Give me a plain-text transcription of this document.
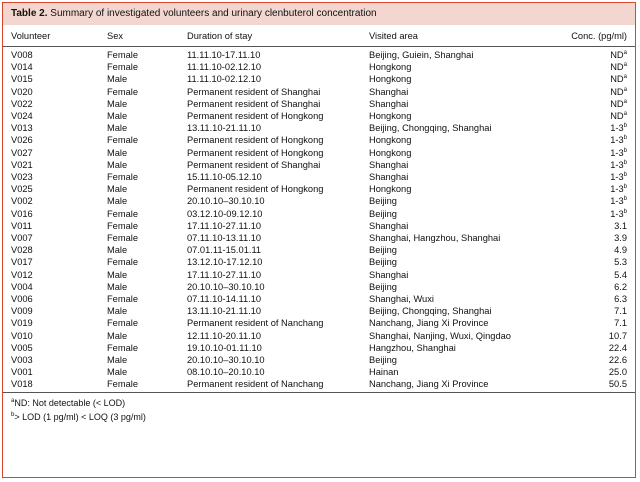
Table 2. Summary of investigated volunteers and urinary clenbuterol concentration
Volunteer	Sex	Duration of stay	Visited area	Conc. (pg/ml)
V008	Female	11.11.10-17.11.10	Beijing, Guiein, Shanghai	$ND^a$
V014	Female	11.11.10-02.12.10	Hongkong	$ND^a$
V015	Male	11.11.10-02.12.10	Hongkong	$ND^a$
V020	Female	Permanent resident of Shanghai	Shanghai	$ND^a$
V022	Male	Permanent resident of Shanghai	Shanghai	$ND^a$
V024	Male	Permanent resident of Hongkong	Hongkong	$ND^a$
V013	Male	13.11.10-21.11.10	Beijing, Chongqing, Shanghai	1-3$^b$
V026	Female	Permanent resident of Hongkong	Hongkong	1-3$^b$
V027	Male	Permanent resident of Hongkong	Hongkong	1-3$^b$
V021	Male	Permanent resident of Shanghai	Shanghai	1-3$^b$
V023	Female	15.11.10-05.12.10	Shanghai	1-3$^b$
V025	Male	Permanent resident of Hongkong	Hongkong	1-3$^b$
V002	Male	20.10.10–30.10.10	Beijing	1-3$^b$
V016	Female	03.12.10-09.12.10	Beijing	1-3$^b$
V011	Female	17.11.10-27.11.10	Shanghai	3.1
V007	Female	07.11.10-13.11.10	Shanghai, Hangzhou, Shanghai	3.9
V028	Male	07.01.11-15.01.11	Beijing	4.9
V017	Female	13.12.10-17.12.10	Beijing	5.3
V012	Male	17.11.10-27.11.10	Shanghai	5.4
V004	Male	20.10.10–30.10.10	Beijing	6.2
V006	Female	07.11.10-14.11.10	Shanghai, Wuxi	6.3
V009	Male	13.11.10-21.11.10	Beijing, Chongqing, Shanghai	7.1
V019	Female	Permanent resident of Nanchang	Nanchang, Jiang Xi Province	7.1
V010	Male	12.11.10-20.11.10	Shanghai, Nanjing, Wuxi, Qingdao	10.7
V005	Female	19.10.10-01.11.10	Hangzhou, Shanghai	22.4
V003	Male	20.10.10–30.10.10	Beijing	22.6
V001	Male	08.10.10–20.10.10	Hainan	25.0
V018	Female	Permanent resident of Nanchang	Nanchang, Jiang Xi Province	50.5
$^a$ND: Not detectable (< LOD)
$^b$> LOD (1 pg/ml) < LOQ (3 pg/ml)
